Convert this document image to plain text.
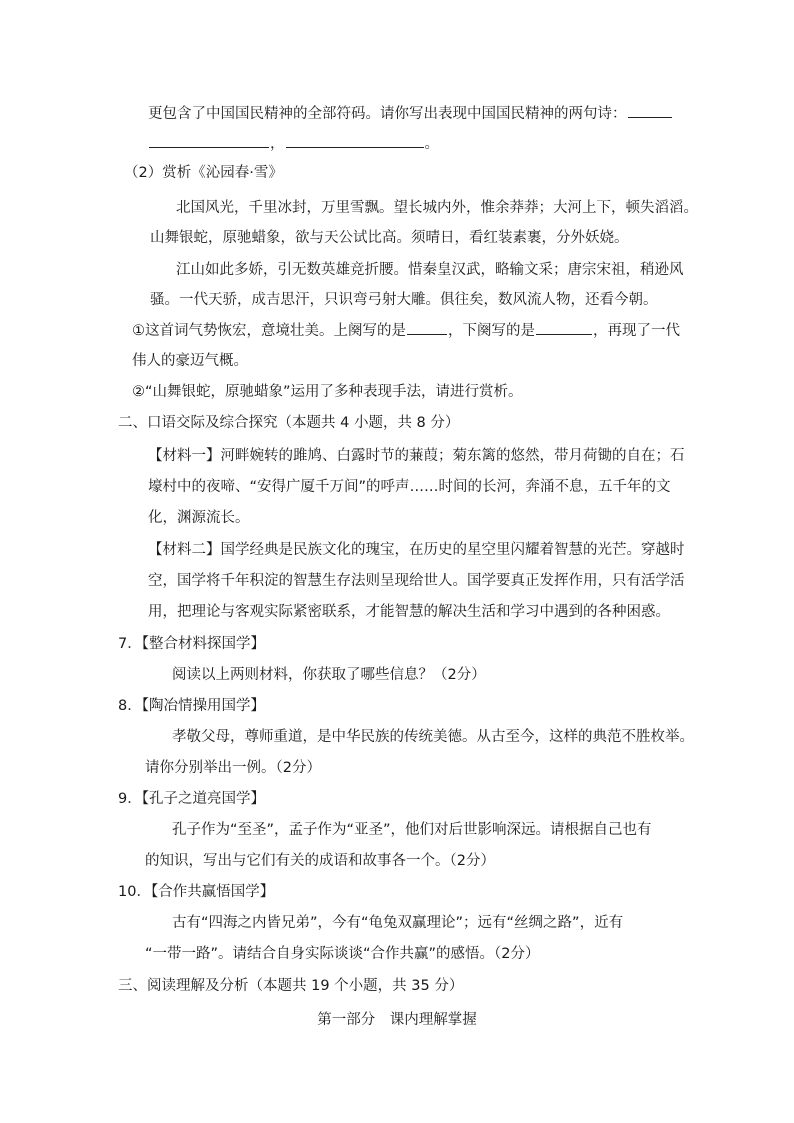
更包含了中国国民精神的全部符码。请你写出表现中国国民精神的两句诗：
，	。
（2）赏析《沁园春·雪》
北国风光，千里冰封，万里雪飘。望长城内外，惟余莽莽；大河上下，顿失滔滔。
山舞银蛇，原驰蜡象，欲与天公试比高。须晴日，看红装素裹，分外妖娆。
江山如此多娇，引无数英雄竞折腰。惜秦皇汉武，略输文采；唐宗宋祖，稍逊风
骚。一代天骄，成吉思汗，只识弯弓射大雕。俱往矣，数风流人物，还看今朝。
①这首词气势恢宏，意境壮美。上阕写的是	，下阕写的是	，再现了一代
伟人的豪迈气概。
②“山舞银蛇，原驰蜡象”运用了多种表现手法，请进行赏析。
二、口语交际及综合探究（本题共 4 小题，共 8 分）
【材料一】河畔婉转的雎鸠、白露时节的蒹葭；菊东篱的悠然，带月荷锄的自在；石
壕村中的夜啼、“安得广厦千万间”的呼声……时间的长河，奔涌不息，五千年的文
化，渊源流长。
【材料二】国学经典是民族文化的瑰宝，在历史的星空里闪耀着智慧的光芒。穿越时
空，国学将千年积淀的智慧生存法则呈现给世人。国学要真正发挥作用，只有活学活
用，把理论与客观实际紧密联系，才能智慧的解决生活和学习中遇到的各种困惑。
7．【整合材料探国学】
阅读以上两则材料，你获取了哪些信息？（2分）
8．【陶冶情操用国学】
孝敬父母，尊师重道，是中华民族的传统美德。从古至今，这样的典范不胜枚举。
请你分别举出一例。（2分）
9．【孔子之道亮国学】
孔子作为“至圣”，孟子作为“亚圣”，他们对后世影响深远。请根据自己也有
的知识，写出与它们有关的成语和故事各一个。（2分）
10．【合作共赢悟国学】
古有“四海之内皆兄弟”，今有“龟兔双赢理论”；远有“丝绸之路”，近有
“一带一路”。请结合自身实际谈谈“合作共赢”的感悟。（2分）
三、阅读理解及分析（本题共 19 个小题，共 35 分）
第一部分　课内理解掌握
